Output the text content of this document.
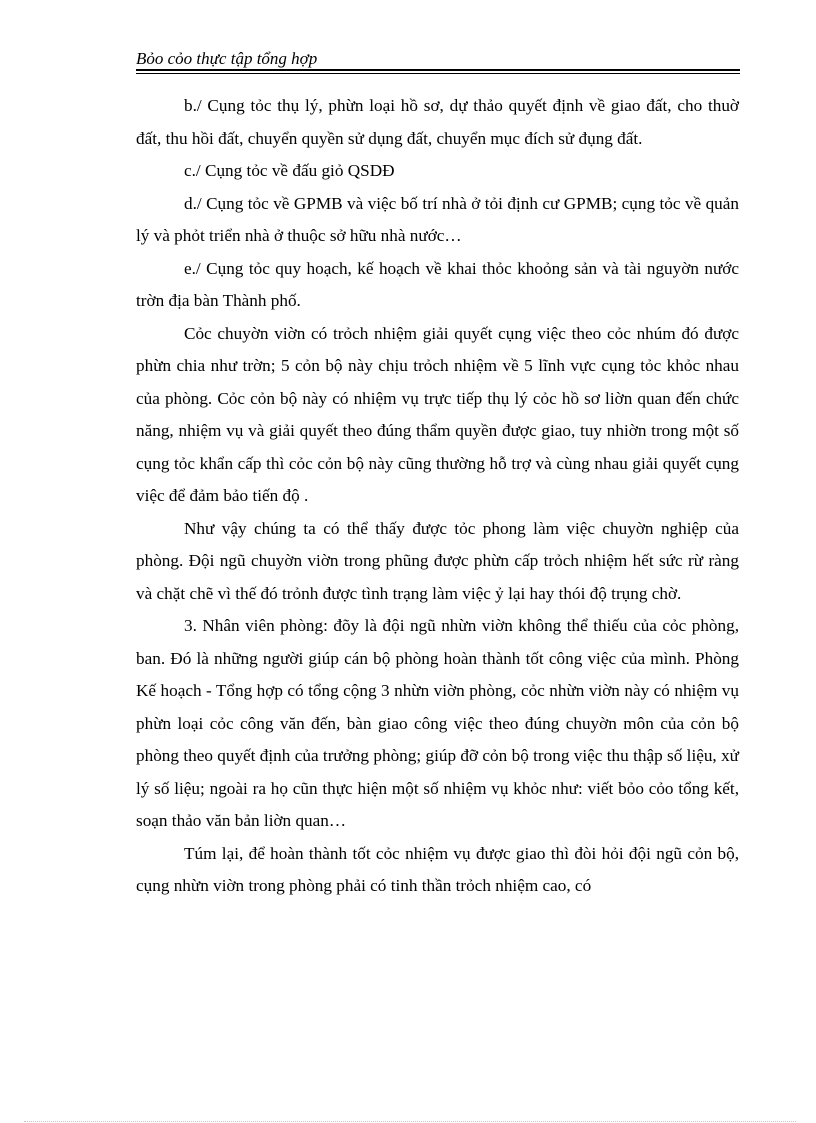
Bỏo cỏo thực tập tổng hợp

b./ Cụng tỏc thụ lý, phừn loại hồ sơ, dự thảo quyết định về giao đất, cho thuờ đất, thu hồi đất, chuyển quyền sử dụng đất, chuyển mục đích sử đụng đất.

c./ Cụng tỏc về đấu giỏ QSDĐ

d./ Cụng tỏc về GPMB và việc bố trí nhà ở tỏi định cư GPMB; cụng tỏc về quản lý và phỏt triển nhà ở thuộc sở hữu nhà nước…

e./ Cụng tỏc quy hoạch, kế hoạch về khai thỏc khoỏng sản và tài nguyờn nước trờn địa bàn Thành phố.

Cỏc chuyờn viờn có trỏch nhiệm giải quyết cụng việc theo cỏc nhúm đó được phừn chia như trờn; 5 cỏn bộ này chịu trỏch nhiệm về 5 lĩnh vực cụng tỏc khỏc nhau của phòng. Cỏc cỏn bộ này có nhiệm vụ trực tiếp thụ lý cỏc hồ sơ liờn quan đến chức năng, nhiệm vụ và giải quyết theo đúng thẩm quyền được giao, tuy nhiờn trong một số cụng tỏc khẩn cấp thì cỏc cỏn bộ này cũng thường hỗ trợ và cùng nhau giải quyết cụng việc để đảm bảo tiến độ .

Như vậy chúng ta có thể thấy được tỏc phong làm việc chuyờn nghiệp của phòng. Đội ngũ chuyờn viờn trong phũng được phừn cấp trỏch nhiệm hết sức rừ ràng và chặt chẽ vì thế đó trỏnh được tình trạng làm việc ỷ lại hay thói độ trụng chờ.

3. Nhân viên phòng: đõy là đội ngũ nhừn viờn không thể thiếu của cỏc phòng, ban. Đó là những người giúp cán bộ phòng hoàn thành tốt công việc của mình. Phòng Kế hoạch - Tổng hợp có tổng cộng 3 nhừn viờn phòng, cỏc nhừn viờn này có nhiệm vụ phừn loại cỏc công văn đến, bàn giao công việc theo đúng chuyờn môn của cỏn bộ phòng theo quyết định của trưởng phòng; giúp đỡ cỏn bộ trong việc thu thập số liệu, xử lý số liệu; ngoài ra họ cũn thực hiện một số nhiệm vụ khỏc như: viết bỏo cỏo tổng kết, soạn thảo văn bản liờn quan…

Túm lại, để hoàn thành tốt cỏc nhiệm vụ được giao thì đòi hỏi đội ngũ cỏn bộ, cụng nhừn viờn trong phòng phải có tinh thần trỏch nhiệm cao, có
